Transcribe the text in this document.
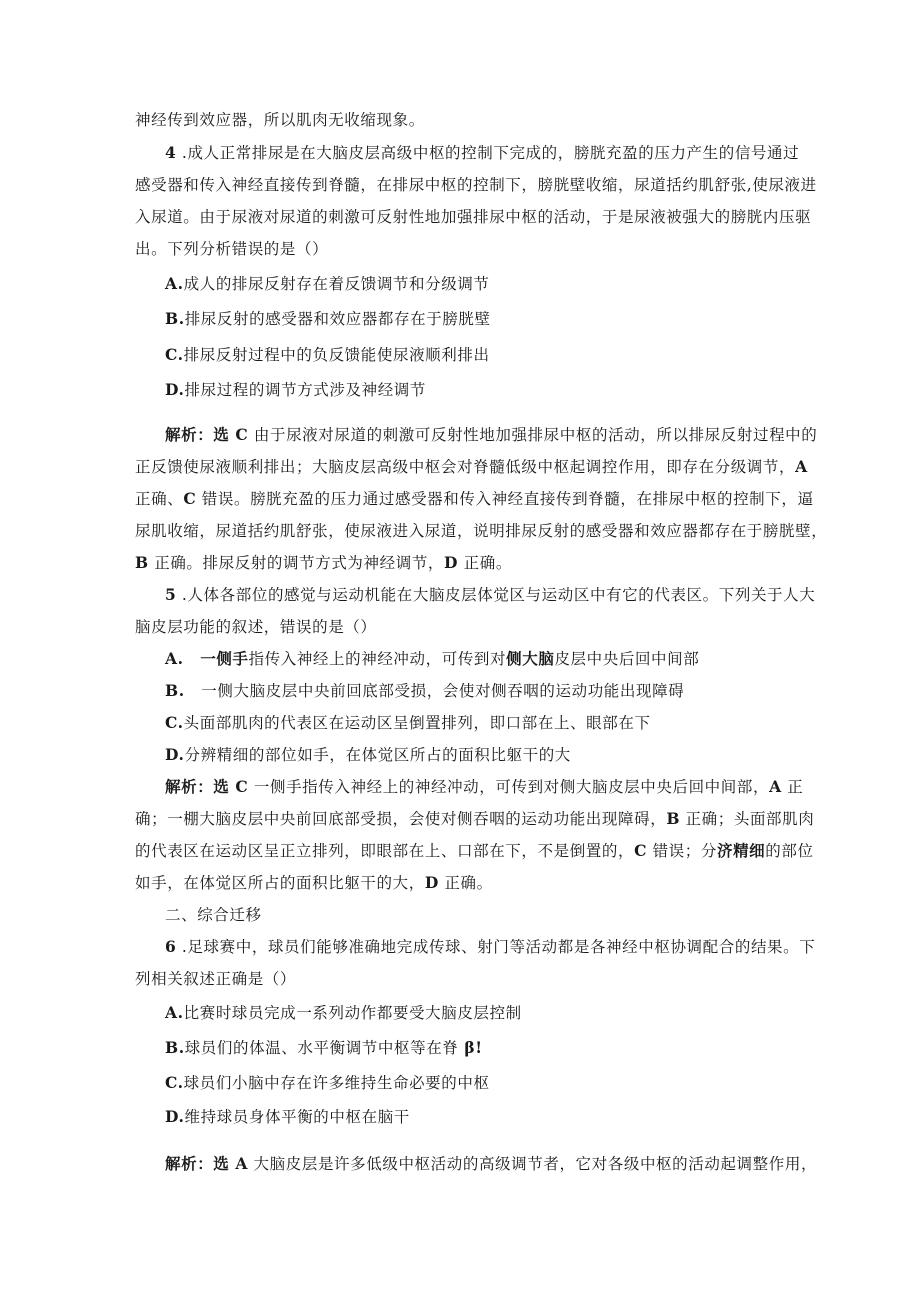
神经传到效应器，所以肌肉无收缩现象。
4 .成人正常排尿是在大脑皮层高级中枢的控制下完成的，膀胱充盈的压力产生的信号通过
感受器和传入神经直接传到脊髓，在排尿中枢的控制下，膀胱壁收缩，尿道括约肌舒张,使尿液进
入尿道。由于尿液对尿道的刺激可反射性地加强排尿中枢的活动，于是尿液被强大的膀胱内压驱
出。下列分析错误的是（）
A.成人的排尿反射存在着反馈调节和分级调节
B.排尿反射的感受器和效应器都存在于膀胱壁
C.排尿反射过程中的负反馈能使尿液顺利排出
D.排尿过程的调节方式涉及神经调节
解析：选 C 由于尿液对尿道的刺激可反射性地加强排尿中枢的活动，所以排尿反射过程中的
正反馈使尿液顺利排出；大脑皮层高级中枢会对脊髓低级中枢起调控作用，即存在分级调节，A
正确、C 错误。膀胱充盈的压力通过感受器和传入神经直接传到脊髓，在排尿中枢的控制下，逼
尿肌收缩，尿道括约肌舒张，使尿液进入尿道，说明排尿反射的感受器和效应器都存在于膀胱壁，
B 正确。排尿反射的调节方式为神经调节，D 正确。
5 .人体各部位的感觉与运动机能在大脑皮层体觉区与运动区中有它的代表区。下列关于人大
脑皮层功能的叙述，错误的是（）
A. 一侧手指传入神经上的神经冲动，可传到对侧大脑皮层中央后回中间部
B. 一侧大脑皮层中央前回底部受损，会使对侧吞咽的运动功能出现障碍
C.头面部肌肉的代表区在运动区呈倒置排列，即口部在上、眼部在下
D.分辨精细的部位如手，在体觉区所占的面积比躯干的大
解析：选 C 一侧手指传入神经上的神经冲动，可传到对侧大脑皮层中央后回中间部，A 正
确；一棚大脑皮层中央前回底部受损，会使对侧吞咽的运动功能出现障碍，B 正确；头面部肌肉
的代表区在运动区呈正立排列，即眼部在上、口部在下，不是倒置的，C 错误；分济精细的部位
如手，在体觉区所占的面积比躯干的大，D 正确。
二、综合迁移
6 .足球赛中，球员们能够准确地完成传球、射门等活动都是各神经中枢协调配合的结果。下
列相关叙述正确是（）
A.比赛时球员完成一系列动作都要受大脑皮层控制
B.球员们的体温、水平衡调节中枢等在脊 β!
C.球员们小脑中存在许多维持生命必要的中枢
D.维持球员身体平衡的中枢在脑干
解析：选 A 大脑皮层是许多低级中枢活动的高级调节者，它对各级中枢的活动起调整作用，
